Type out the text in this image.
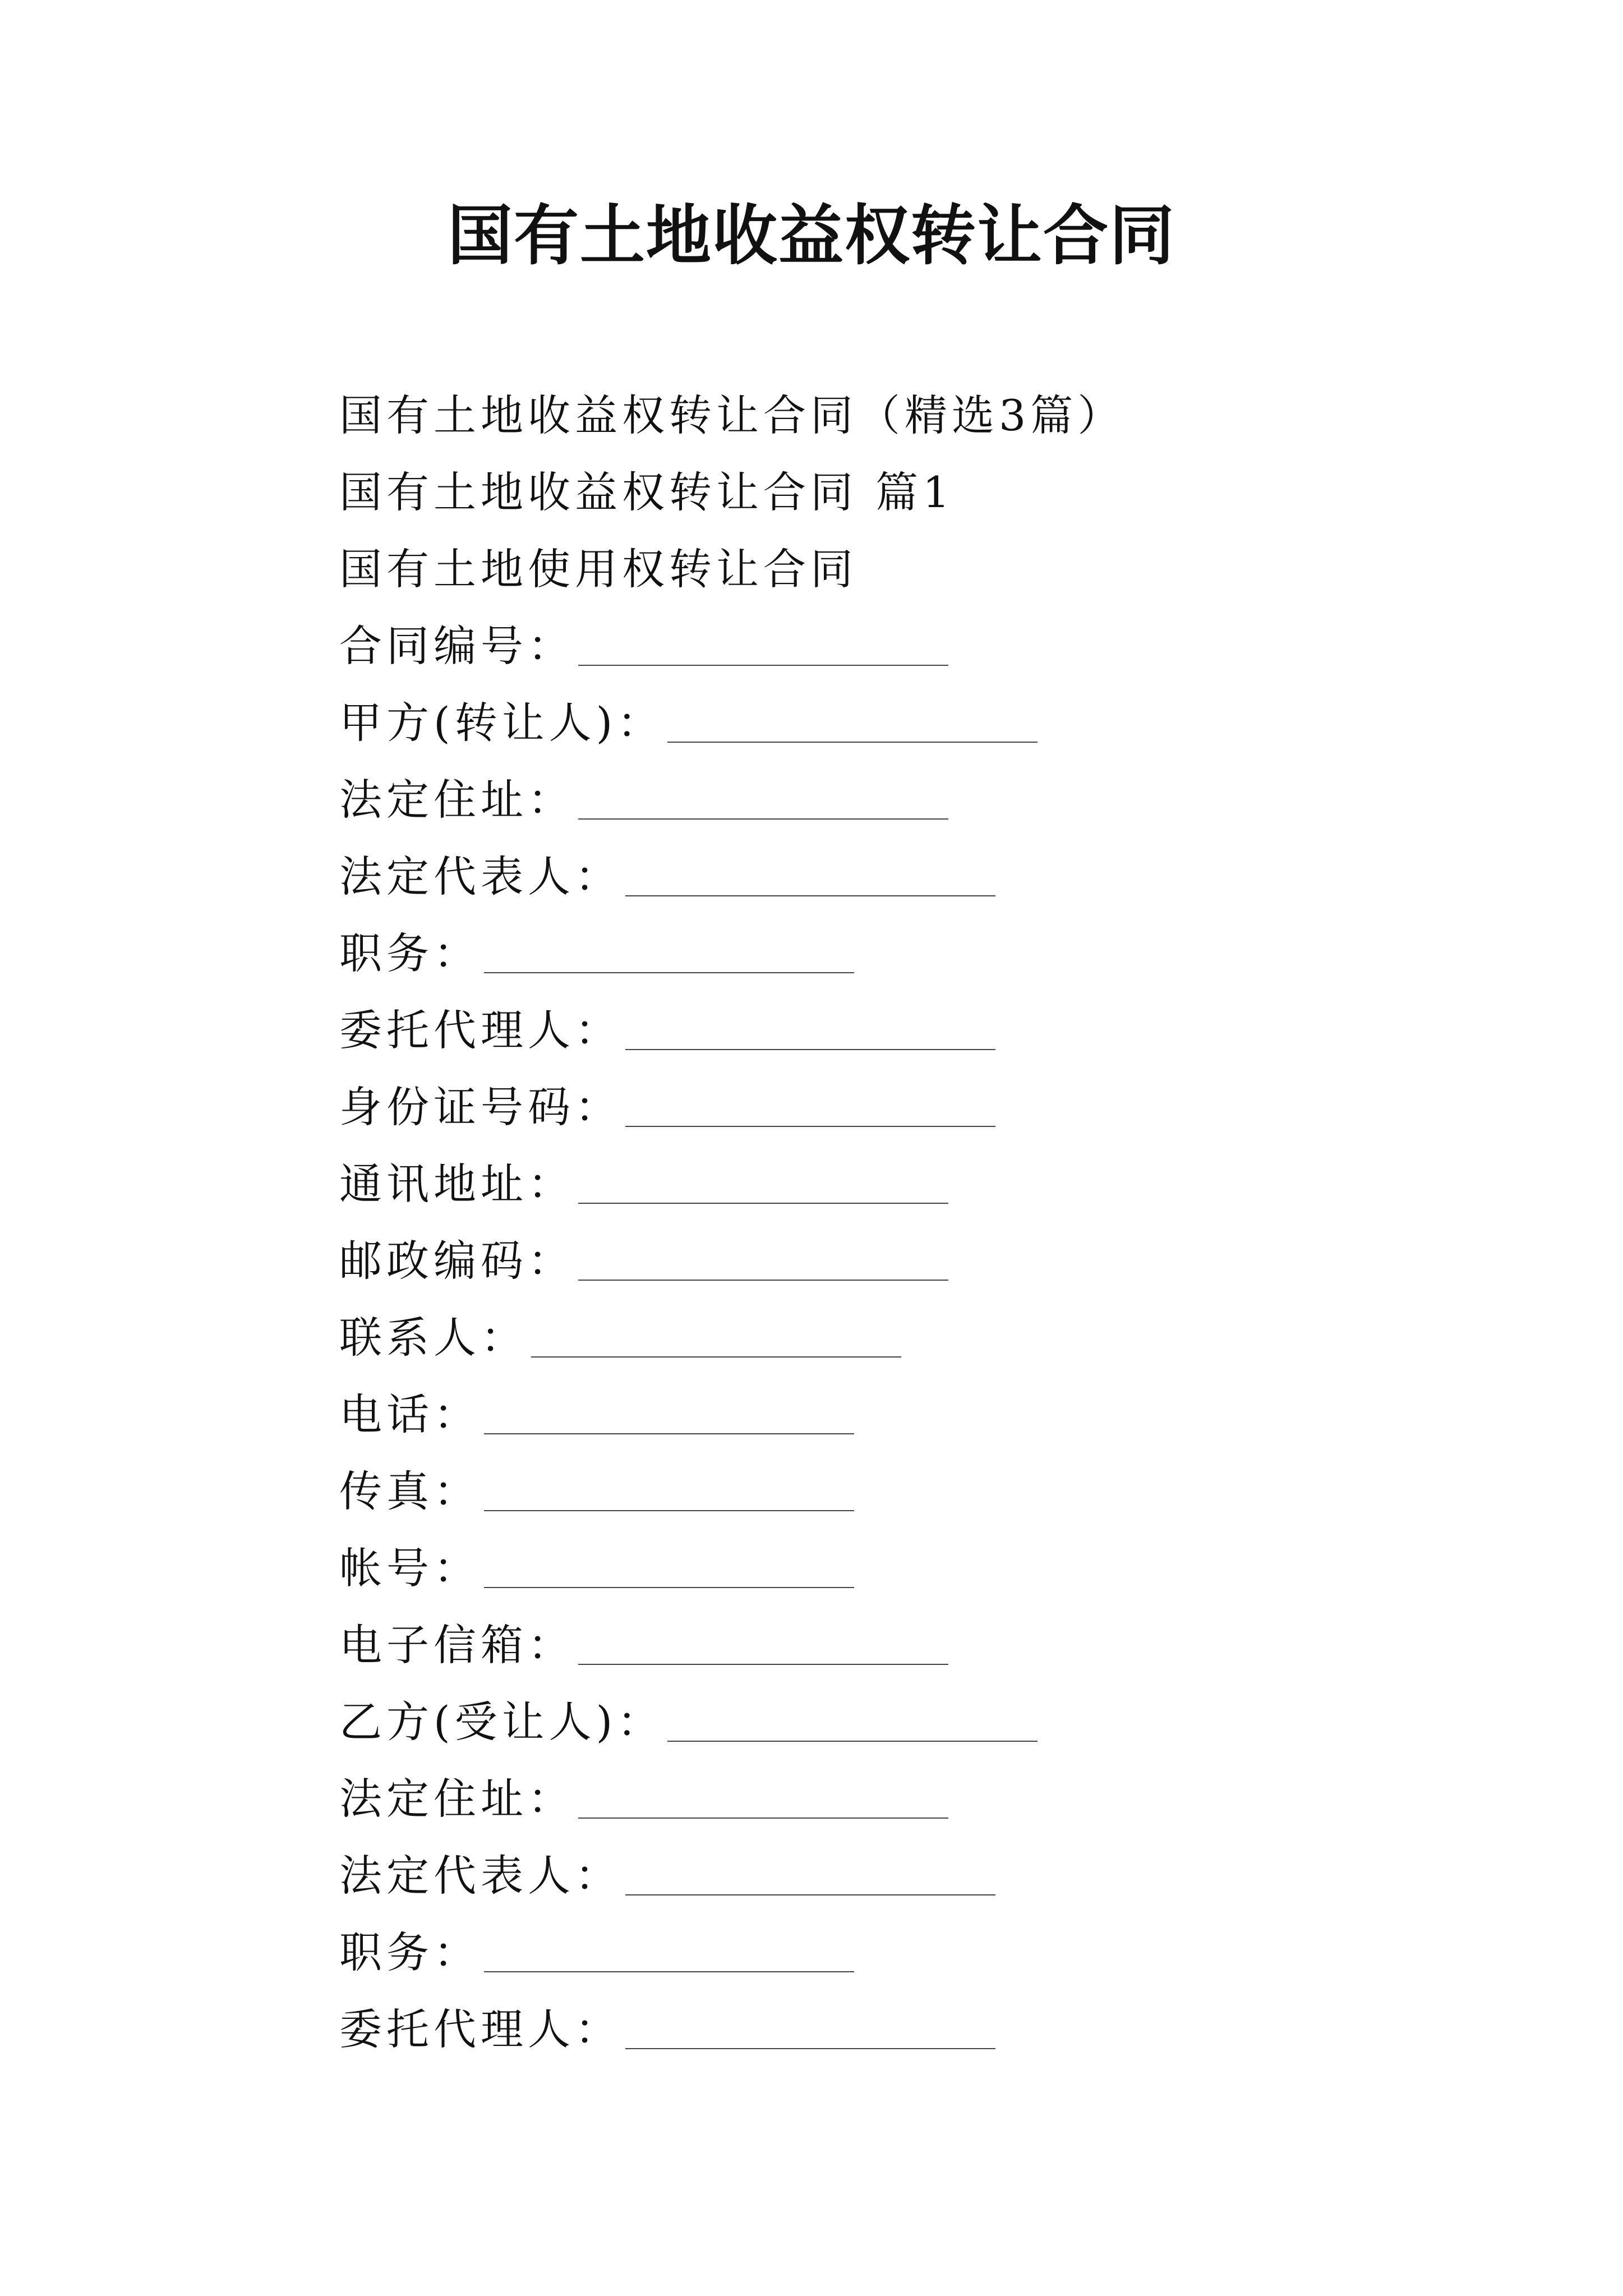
国有土地收益权转让合同
国有土地收益权转让合同（精选3篇）
国有土地收益权转让合同 篇1
国有土地使用权转让合同
合同编号：
甲方(转让人)：
法定住址：
法定代表人：
职务：
委托代理人：
身份证号码：
通讯地址：
邮政编码：
联系人：
电话：
传真：
帐号：
电子信箱：
乙方(受让人)：
法定住址：
法定代表人：
职务：
委托代理人：
